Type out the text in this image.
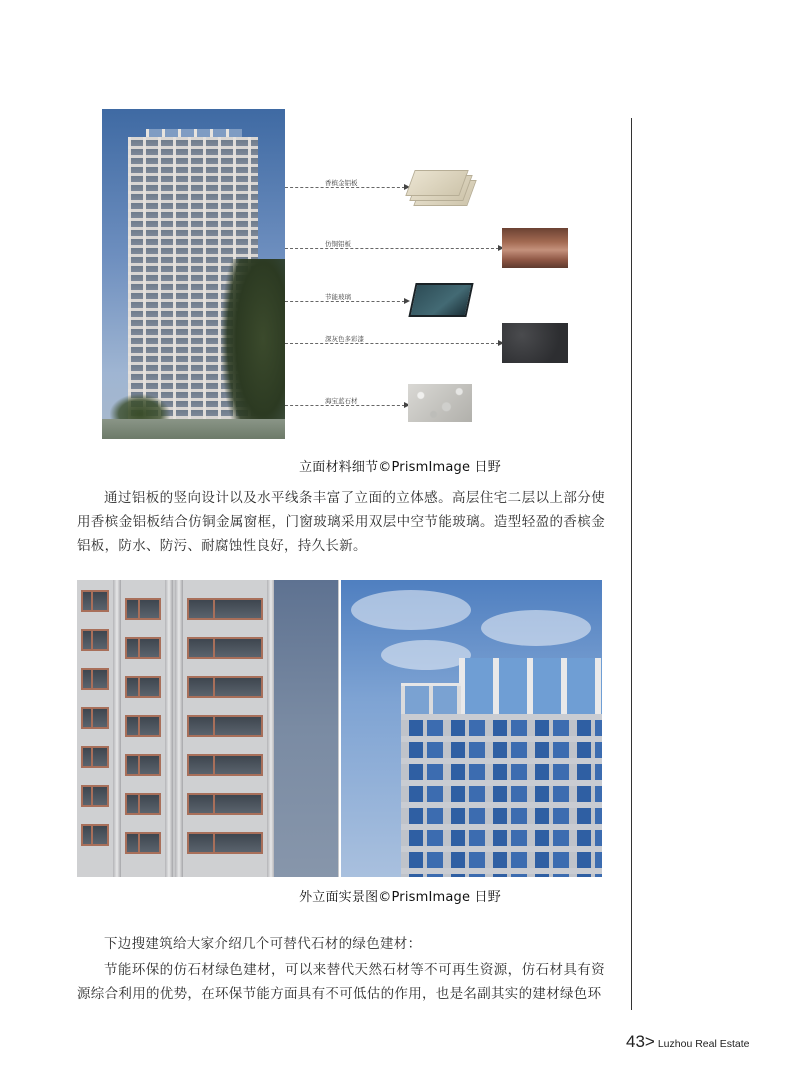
香槟金铝板
仿铜铝板
节能玻璃
深灰色多彩漆
海宝蓝石材
立面材料细节©PrismImage 日野

通过铝板的竖向设计以及水平线条丰富了立面的立体感。高层住宅二层以上部分使用香槟金铝板结合仿铜金属窗框，门窗玻璃采用双层中空节能玻璃。造型轻盈的香槟金铝板，防水、防污、耐腐蚀性良好，持久长新。

外立面实景图©PrismImage 日野

下边搜建筑给大家介绍几个可替代石材的绿色建材：

节能环保的仿石材绿色建材，可以来替代天然石材等不可再生资源，仿石材具有资源综合利用的优势，在环保节能方面具有不可低估的作用，也是名副其实的建材绿色环

43> Luzhou Real Estate
